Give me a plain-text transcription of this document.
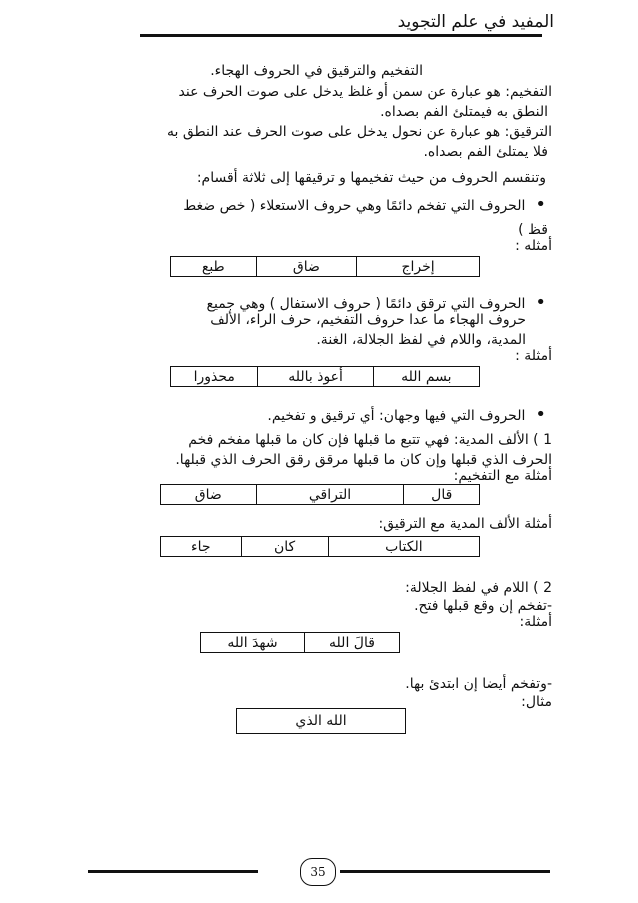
المفيد في علم التجويد
التفخيم والترقيق في الحروف الهجاء.
التفخيم: هو عبارة عن سمن أو غلظ يدخل على صوت الحرف عند
النطق به فيمتلئ الفم بصداه.
الترقيق: هو عبارة عن نحول يدخل على صوت الحرف عند النطق به
فلا يمتلئ الفم بصداه.
وتنقسم الحروف من حيث تفخيمها و ترقيقها إلى ثلاثة أقسام:
• الحروف التي تفخم دائمًا وهي حروف الاستعلاء ( خص ضغط
قظ )
أمثله :
إخراج	ضاق	طبع
• الحروف التي ترقق دائمًا ( حروف الاستفال ) وهي جميع
حروف الهجاء ما عدا حروف التفخيم، حرف الراء، الألف
المدية، واللام في لفظ الجلالة، الغنة.
أمثلة :
بسم الله	أعوذ بالله	محذورا
• الحروف التي فيها وجهان: أي ترقيق و تفخيم.
1 ) الألف المدية: فهي تتبع ما قبلها فإن كان ما قبلها مفخم فخم
الحرف الذي قبلها وإن كان ما قبلها مرقق رقق الحرف الذي قبلها.
أمثلة مع التفخيم:
قال	التراقي	ضاق
أمثلة الألف المدية مع الترقيق:
الكتاب	كان	جاء
2 ) اللام في لفظ الجلالة:
-تفخم إن وقع قبلها فتح.
أمثلة:
قالَ الله	شهدَ الله
-وتفخم أيضا إن ابتدئ بها.
مثال:
الله الذي
35
